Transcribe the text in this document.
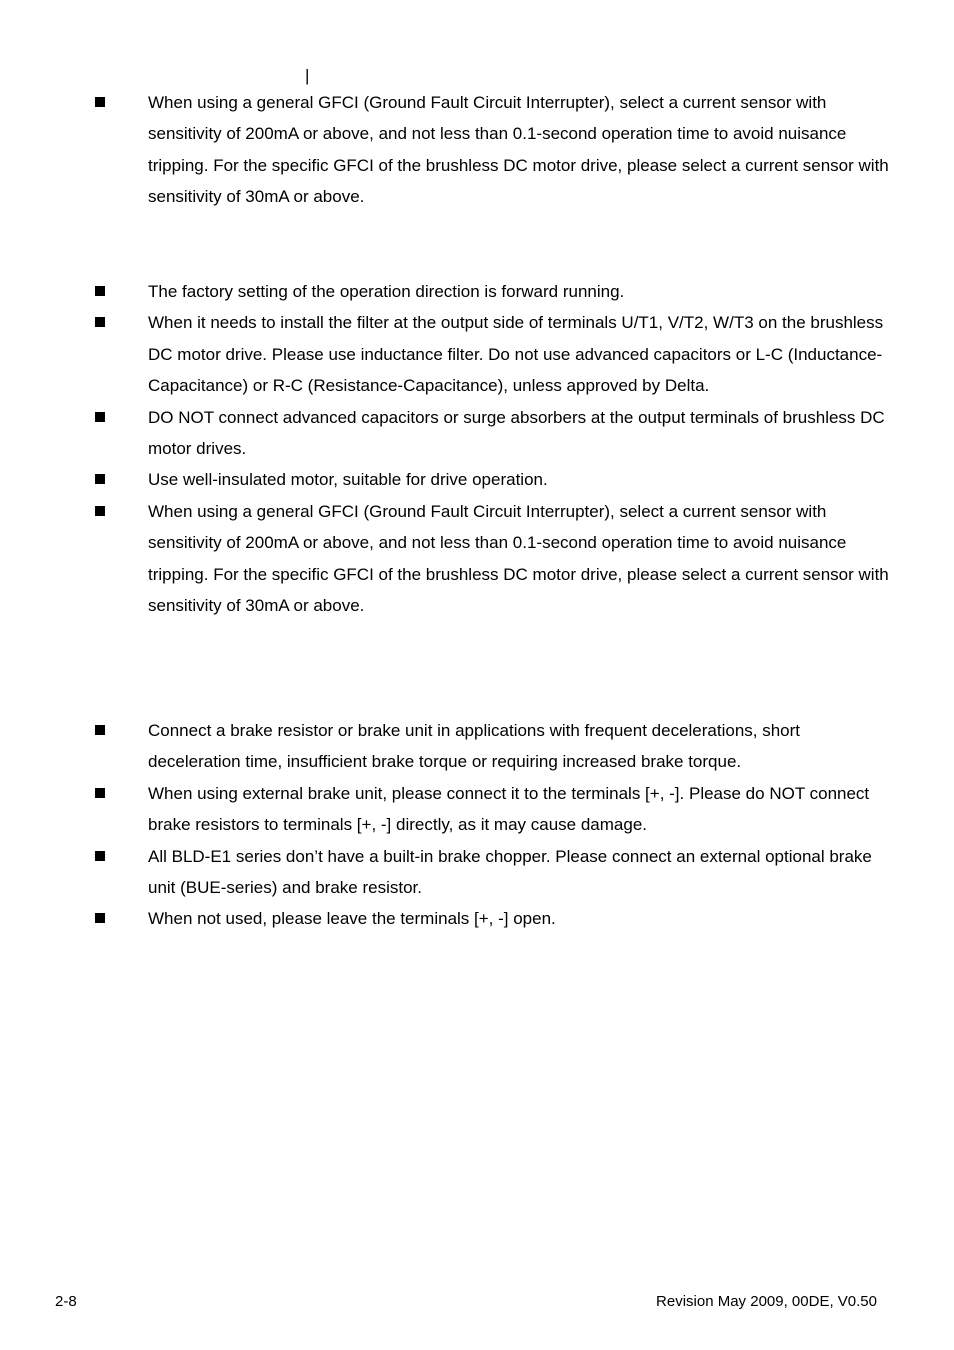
|
When using a general GFCI (Ground Fault Circuit Interrupter), select a current sensor with sensitivity of 200mA or above, and not less than 0.1-second operation time to avoid nuisance tripping. For the specific GFCI of the brushless DC motor drive, please select a current sensor with sensitivity of 30mA or above.
The factory setting of the operation direction is forward running.
When it needs to install the filter at the output side of terminals U/T1, V/T2, W/T3 on the brushless DC motor drive. Please use inductance filter. Do not use advanced capacitors or L-C (Inductance-Capacitance) or R-C (Resistance-Capacitance), unless approved by Delta.
DO NOT connect advanced capacitors or surge absorbers at the output terminals of brushless DC motor drives.
Use well-insulated motor, suitable for drive operation.
When using a general GFCI (Ground Fault Circuit Interrupter), select a current sensor with sensitivity of 200mA or above, and not less than 0.1-second operation time to avoid nuisance tripping. For the specific GFCI of the brushless DC motor drive, please select a current sensor with sensitivity of 30mA or above.
Connect a brake resistor or brake unit in applications with frequent decelerations, short deceleration time, insufficient brake torque or requiring increased brake torque.
When using external brake unit, please connect it to the terminals [+, -]. Please do NOT connect brake resistors to terminals [+, -] directly, as it may cause damage.
All BLD-E1 series don’t have a built-in brake chopper. Please connect an external optional brake unit (BUE-series) and brake resistor.
When not used, please leave the terminals [+, -] open.
2-8	Revision May 2009, 00DE, V0.50
